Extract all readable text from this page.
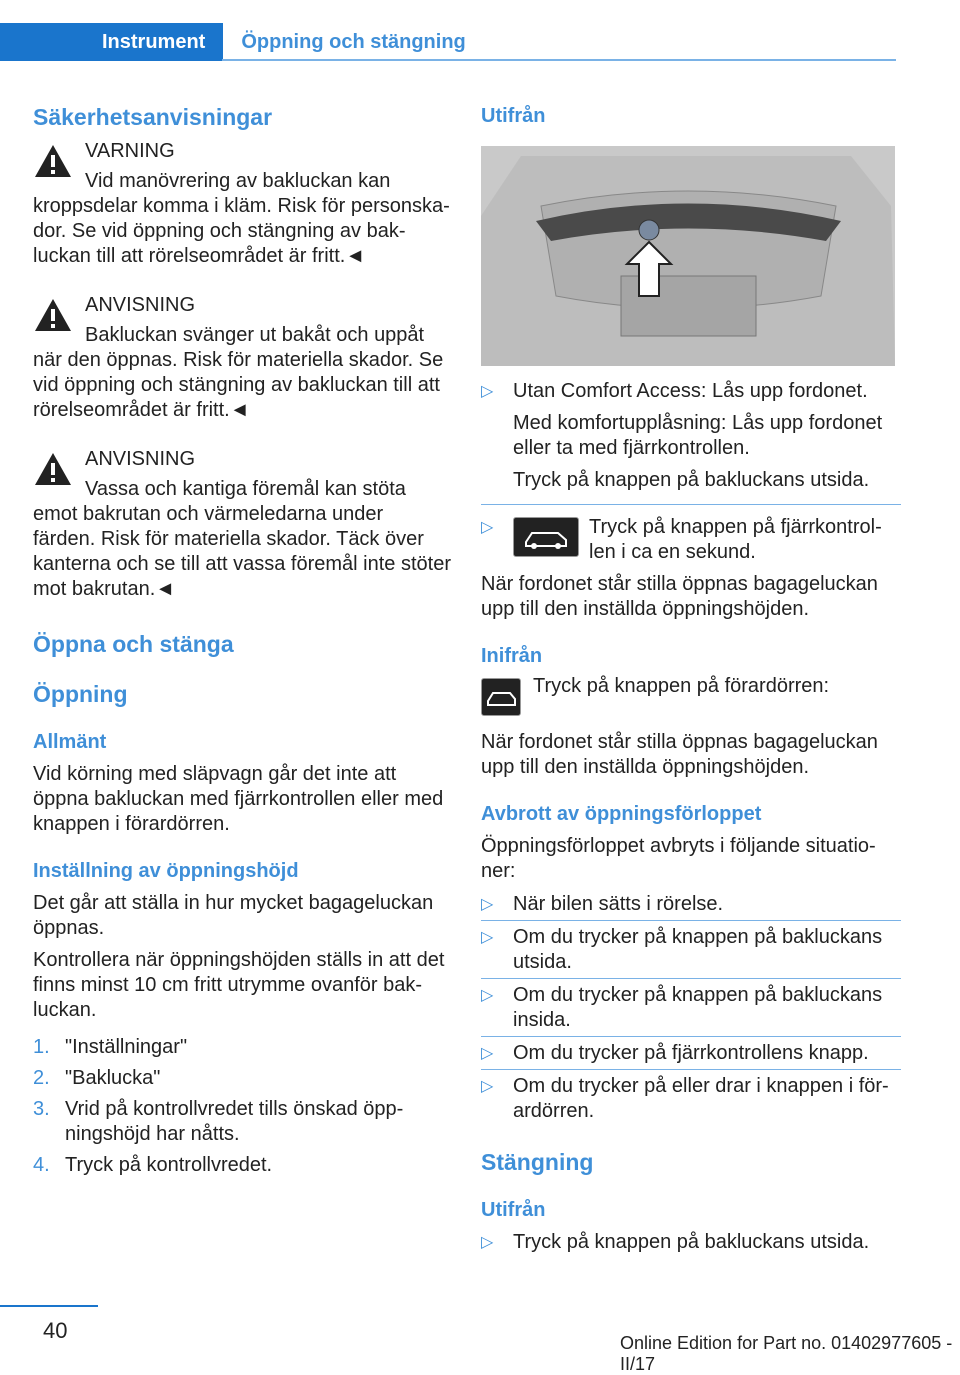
Instrument	Öppning och stängning
Säkerhetsanvisningar

VARNING

Vid manövrering av bakluckan kan kroppsdelar komma i kläm. Risk för personska-dor. Se vid öppning och stängning av bak-luckan till att rörelseområdet är fritt.◄

ANVISNING

Bakluckan svänger ut bakåt och uppåt när den öppnas. Risk för materiella skador. Se vid öppning och stängning av bakluckan till att rörelseområdet är fritt.◄

ANVISNING

Vassa och kantiga föremål kan stöta emot bakrutan och värmeledarna under färden. Risk för materiella skador. Täck över kanterna och se till att vassa föremål inte stöter mot bakrutan.◄

Öppna och stänga
Öppning
Allmänt

Vid körning med släpvagn går det inte att öppna bakluckan med fjärrkontrollen eller med knappen i förardörren.

Inställning av öppningshöjd

Det går att ställa in hur mycket bagageluckan öppnas.

Kontrollera när öppningshöjden ställs in att det finns minst 10 cm fritt utrymme ovanför bak-luckan.

1. "Inställningar"
2. "Baklucka"
3. Vrid på kontrollvredet tills önskad öpp-ningshöjd har nåtts.
4. Tryck på kontrollvredet.
Utifrån
▷ Utan Comfort Access: Lås upp fordonet.

Med komfortupplåsning: Lås upp fordonet eller ta med fjärrkontrollen.

Tryck på knappen på bakluckans utsida.

▷	Tryck på knappen på fjärrkontrol-len i ca en sekund.

När fordonet står stilla öppnas bagageluckan upp till den inställda öppningshöjden.

Inifrån

Tryck på knappen på förardörren:

När fordonet står stilla öppnas bagageluckan upp till den inställda öppningshöjden.

Avbrott av öppningsförloppet

Öppningsförloppet avbryts i följande situatio-ner:

▷ När bilen sätts i rörelse.

▷ Om du trycker på knappen på bakluckans utsida.

▷ Om du trycker på knappen på bakluckans insida.

▷ Om du trycker på fjärrkontrollens knapp.

▷ Om du trycker på eller drar i knappen i för-ardörren.

Stängning
Utifrån
▷ Tryck på knappen på bakluckans utsida.

40	Online Edition for Part no. 01402977605 - II/17
